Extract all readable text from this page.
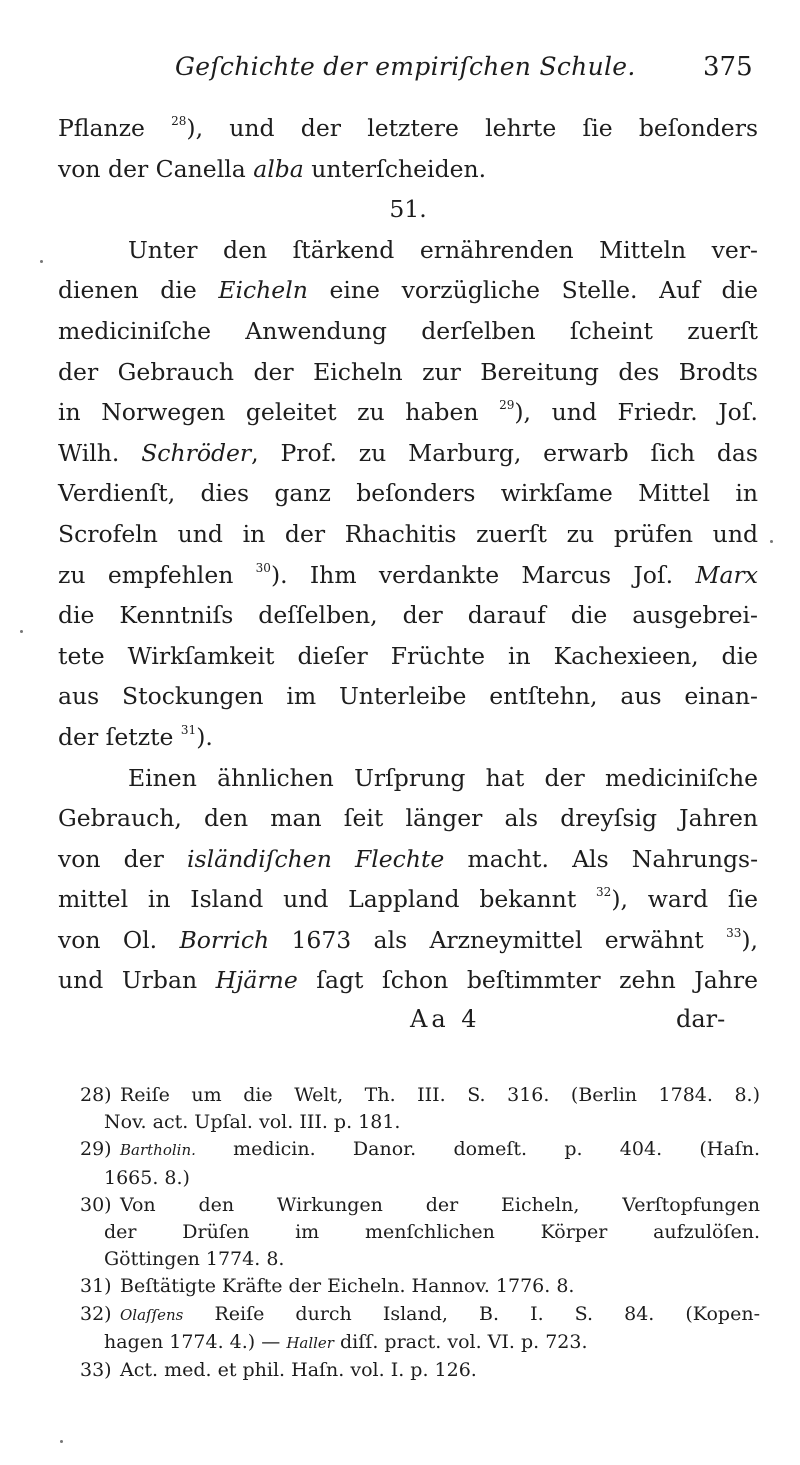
Geſchichte der empiriſchen Schule.	375
Pflanze $^{28}$), und der letztere lehrte ſie beſonders
von der Canella alba unterſcheiden.
51.
Unter den ſtärkend ernährenden Mitteln ver-
dienen die Eicheln eine vorzügliche Stelle. Auf die
mediciniſche Anwendung derſelben ſcheint zuerſt
der Gebrauch der Eicheln zur Bereitung des Brodts
in Norwegen geleitet zu haben $^{29}$), und Friedr. Joſ.
Wilh. Schröder, Prof. zu Marburg, erwarb ſich das
Verdienſt, dies ganz beſonders wirkſame Mittel in
Scrofeln und in der Rhachitis zuerſt zu prüfen und
zu empfehlen $^{30}$). Ihm verdankte Marcus Joſ. Marx
die Kenntniſs deſſelben, der darauf die ausgebrei-
tete Wirkſamkeit dieſer Früchte in Kachexieen, die
aus Stockungen im Unterleibe entſtehn, aus einan-
der ſetzte $^{31}$).
Einen ähnlichen Urſprung hat der mediciniſche
Gebrauch, den man ſeit länger als dreyſsig Jahren
von der isländiſchen Flechte macht. Als Nahrungs-
mittel in Island und Lappland bekannt $^{32}$), ward ſie
von Ol. Borrich 1673 als Arzneymittel erwähnt $^{33}$),
und Urban Hjärne ſagt ſchon beſtimmter zehn Jahre
Aa 4	dar-
28) Reiſe um die Welt, Th. III. S. 316. (Berlin 1784. 8.)
Nov. act. Upſal. vol. III. p. 181.
29) Bartholin. medicin. Danor. domeſt. p. 404. (Haſn.
1665. 8.)
30) Von den Wirkungen der Eicheln, Verſtopfungen
der Drüſen im menſchlichen Körper aufzulöſen.
Göttingen 1774. 8.
31) Beſtätigte Kräfte der Eicheln. Hannov. 1776. 8.
32) Olaſſens Reiſe durch Island, B. I. S. 84. (Kopen-
hagen 1774. 4.) — Haller diſſ. pract. vol. VI. p. 723.
33) Act. med. et phil. Haſn. vol. I. p. 126.
